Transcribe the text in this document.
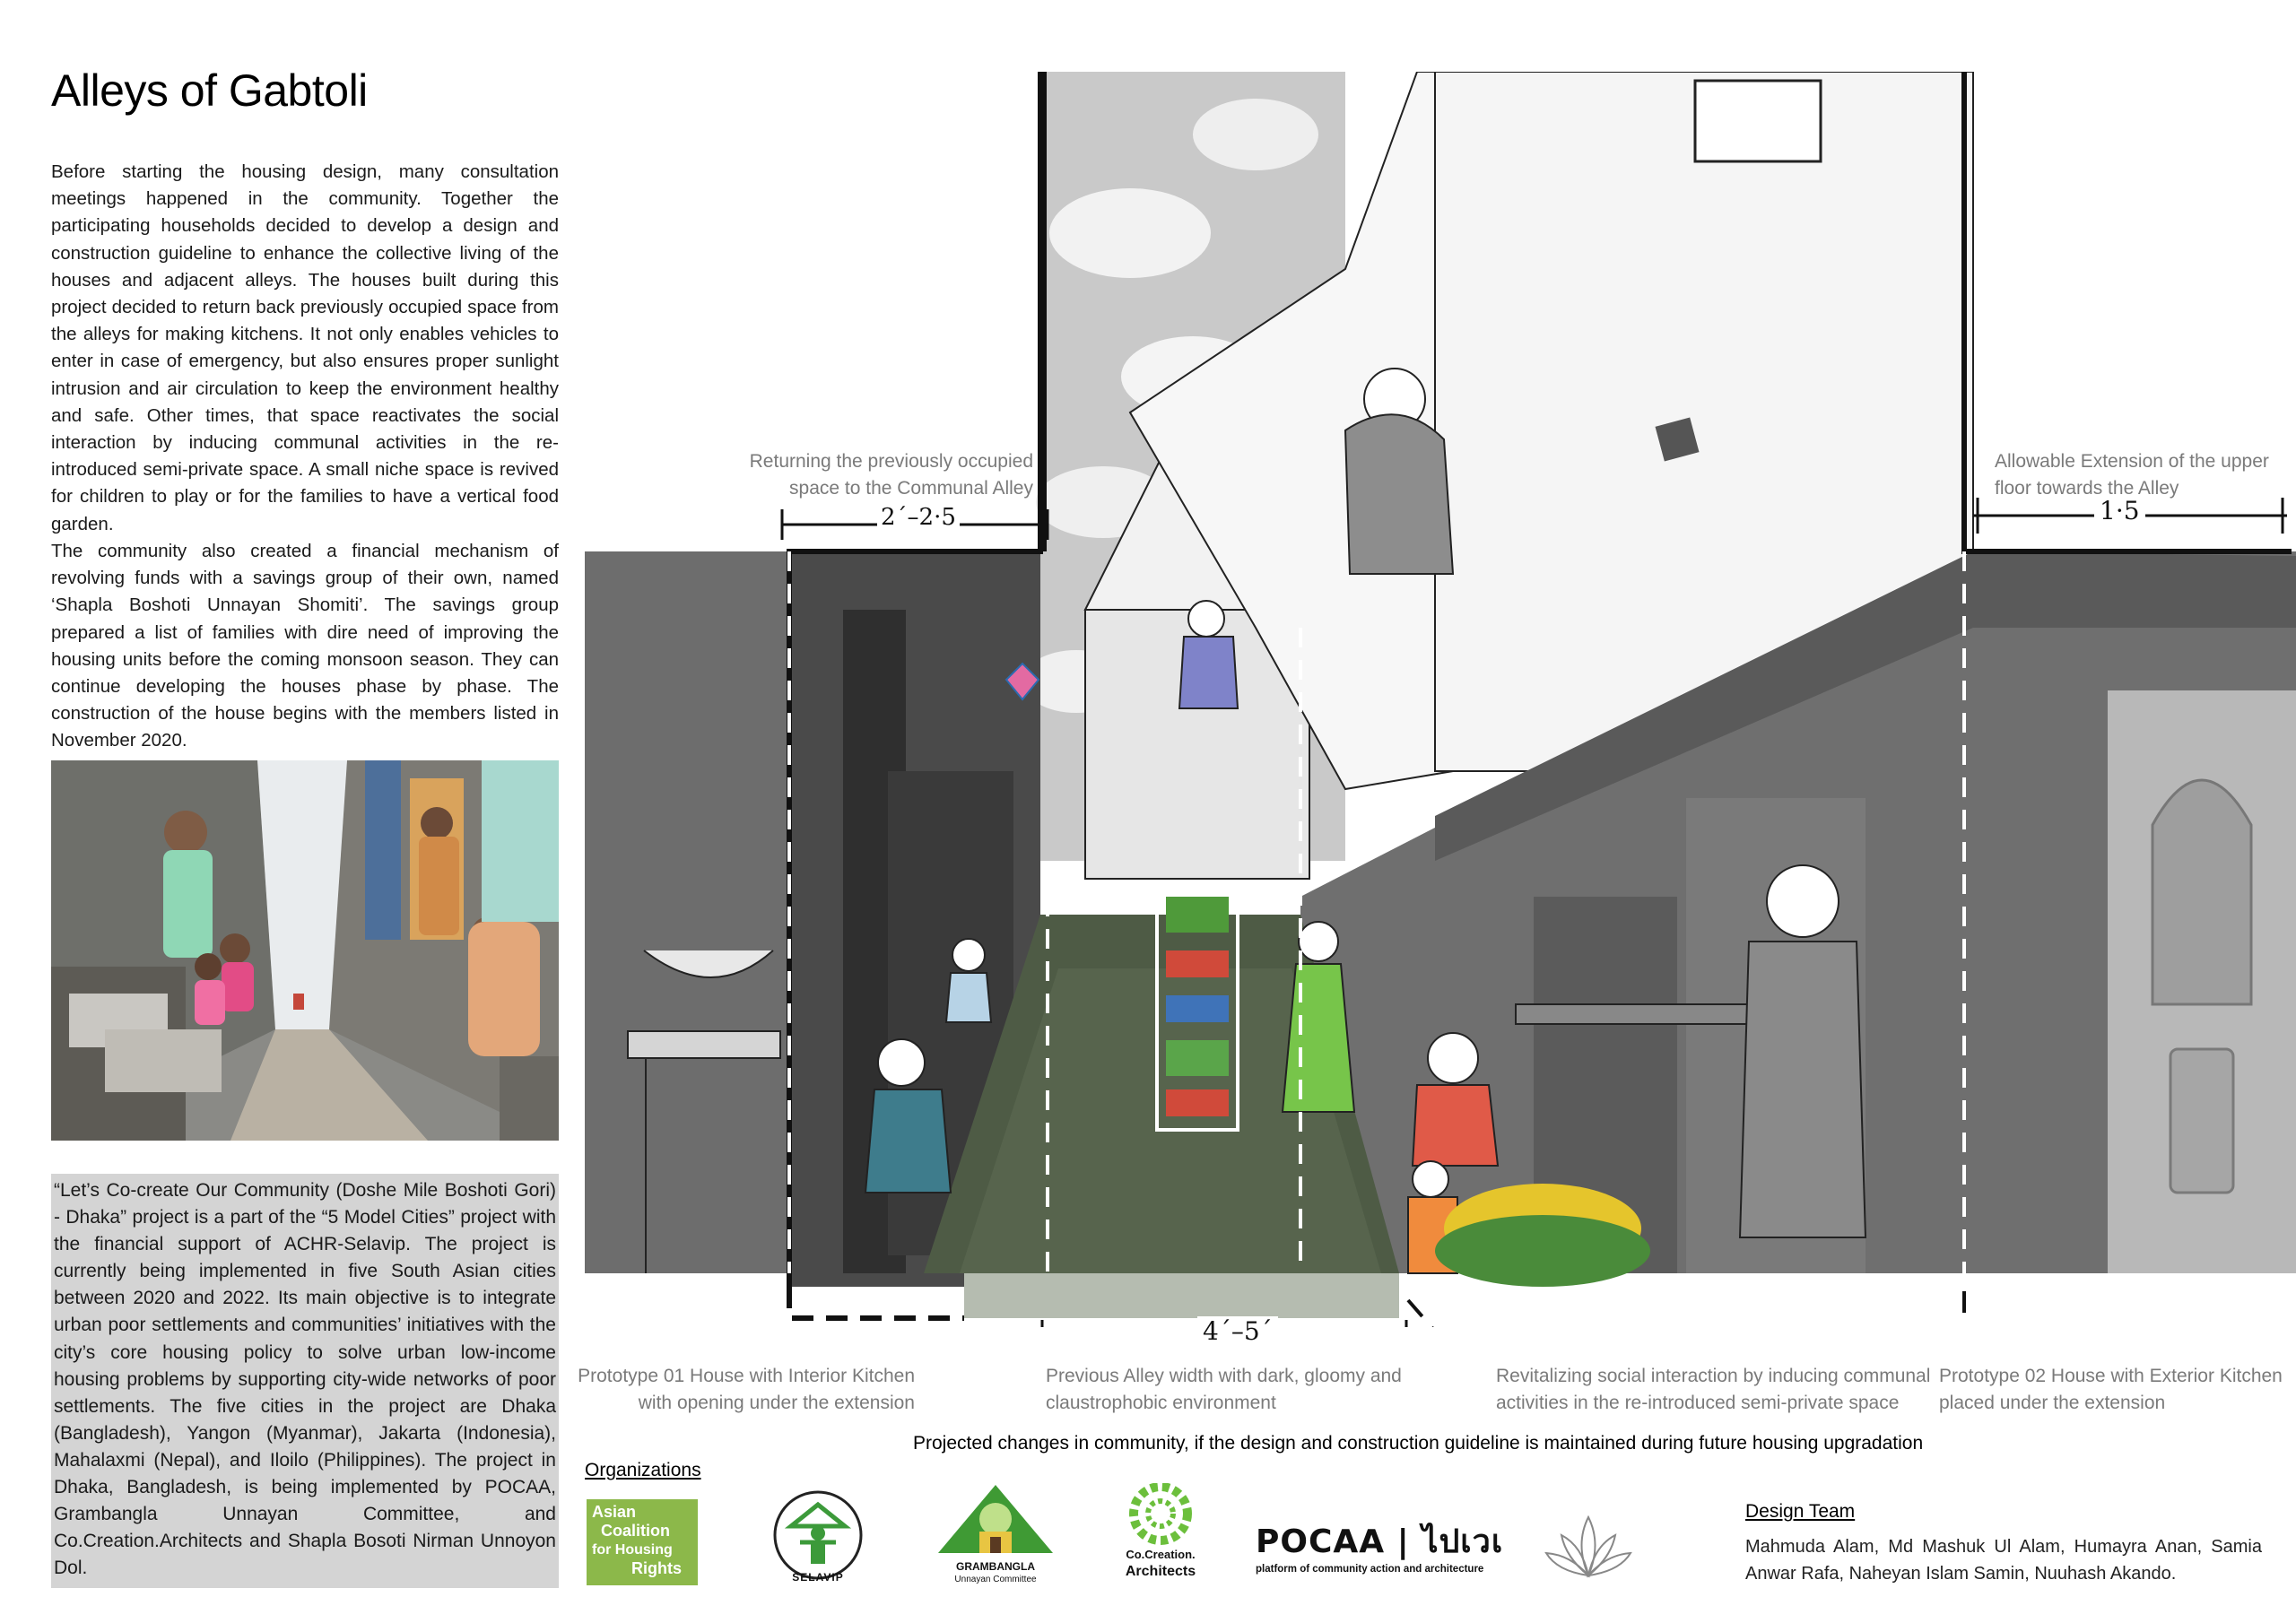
Alleys of Gabtoli
Before starting the housing design, many consultation meetings happened in the community. Together the participating households decided to develop a design and construction guideline to enhance the collective living of the houses and adjacent alleys. The houses built during this project decided to return back previously occupied space from the alleys for making kitchens. It not only enables vehicles to enter in case of emergency, but also ensures proper sunlight intrusion and air circulation to keep the environment healthy and safe. Other times, that space reactivates the social interaction by inducing communal activities in the re-introduced semi-private space. A small niche space is revived for children to play or for the families to have a vertical food garden.
The community also created a financial mechanism of revolving funds with a savings group of their own, named ‘Shapla Boshoti Unnayan Shomiti’. The savings group prepared a list of families with dire need of improving the housing units before the coming monsoon season. They can continue developing the houses phase by phase. The construction of the house begins with the members listed in November 2020.

“Let’s Co-create Our Community (Doshe Mile Boshoti Gori) - Dhaka” project is a part of the “5 Model Cities” project with the financial support of ACHR-Selavip. The project is currently being implemented in five South Asian cities between 2020 and 2022. Its main objective is to integrate urban poor settlements and communities’ initiatives with the city’s core housing policy to solve urban low-income housing problems by supporting city-wide networks of poor settlements. The five cities in the project are Dhaka (Bangladesh), Yangon (Myanmar), Jakarta (Indonesia), Mahalaxmi (Nepal), and Iloilo (Philippines). The project in Dhaka, Bangladesh, is being implemented by POCAA, Grambangla Unnayan Committee, and Co.Creation.Architects and Shapla Bosoti Nirman Unnoyon Dol.

2´–2·5	1·5
4´–5´
Returning the previously occupied
space to the Communal Alley
Allowable Extension of the upper
floor towards the Alley
Prototype 01 House with Interior Kitchen
with opening under the extension
Previous Alley width with dark, gloomy and
claustrophobic environment
Revitalizing social interaction by inducing communal
activities in the re-introduced semi-private space
Prototype 02 House with Exterior Kitchen
placed under the extension
Projected changes in community, if the design and construction guideline is maintained during future housing upgradation
Organizations
Asian
Coalition
for Housing
Rights	SELAVIP
GRAMBANGLA
Unnayan Committee
Co.Creation.
Architects
POCAA | ไปเวเ
platform of community action and architecture
Design Team
Mahmuda Alam, Md Mashuk Ul Alam, Humayra Anan, Samia Anwar Rafa, Naheyan Islam Samin, Nuuhash Akando.
